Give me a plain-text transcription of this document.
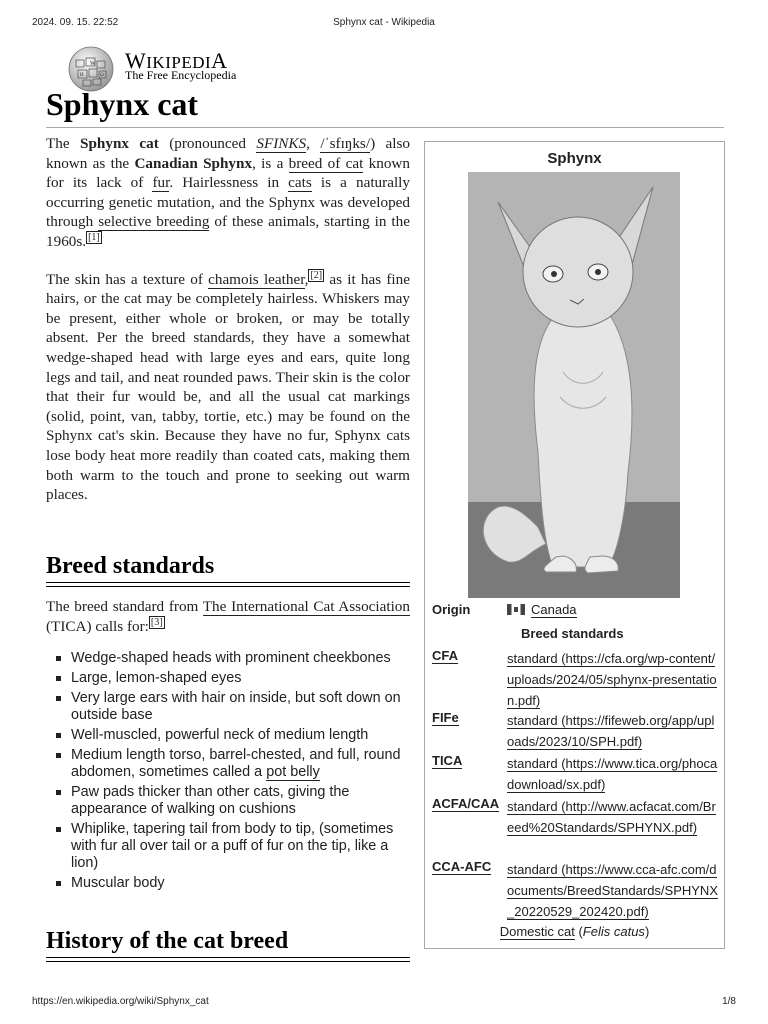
2024. 09. 15. 22:52	Sphynx cat - Wikipedia
W
И	Ω
WIKIPEDIA
The Free Encyclopedia
Sphynx cat

The Sphynx cat (pronounced SFINKS, /ˈsfɪŋks/) also known as the Canadian Sphynx, is a breed of cat known for its lack of fur. Hairlessness in cats is a naturally occurring genetic mutation, and the Sphynx was developed through selective breeding of these animals, starting in the 1960s. [1]

The skin has a texture of chamois leather, [2] as it has fine hairs, or the cat may be completely hairless. Whiskers may be present, either whole or broken, or may be totally absent. Per the breed standards, they have a somewhat wedge-shaped head with large eyes and ears, quite long legs and tail, and neat rounded paws. Their skin is the color that their fur would be, and all the usual cat markings (solid, point, van, tabby, tortie, etc.) may be found on the Sphynx cat's skin. Because they have no fur, Sphynx cats lose body heat more readily than coated cats, making them both warm to the touch and prone to seeking out warm places.

Breed standards

The breed standard from The International Cat Association (TICA) calls for: [3]

Wedge-shaped heads with prominent cheekbones
Large, lemon-shaped eyes
Very large ears with hair on inside, but soft down on outside base
Well-muscled, powerful neck of medium length
Medium length torso, barrel-chested, and full, round abdomen, sometimes called a pot belly
Paw pads thicker than other cats, giving the appearance of walking on cushions
Whiplike, tapering tail from body to tip, (sometimes with fur all over tail or a puff of fur on the tip, like a lion)
Muscular body
History of the cat breed
Sphynx
Origin	Canada
Breed standards
CFA	standard (https://cfa.org/wp-content/uploads/2024/05/sphynx-presentation.pdf)
FIFe	standard (https://fifeweb.org/app/uploads/2023/10/SPH.pdf)
TICA	standard (https://www.tica.org/phocadownload/sx.pdf)
ACFA/CAA standard (http://www.acfacat.com/Breed%20Standards/SPHYNX.pdf)
CCA-AFC standard (https://www.cca-afc.com/documents/BreedStandards/SPHYNX_20220529_202420.pdf)
Domestic cat (Felis catus)
https://en.wikipedia.org/wiki/Sphynx_cat	1/8
